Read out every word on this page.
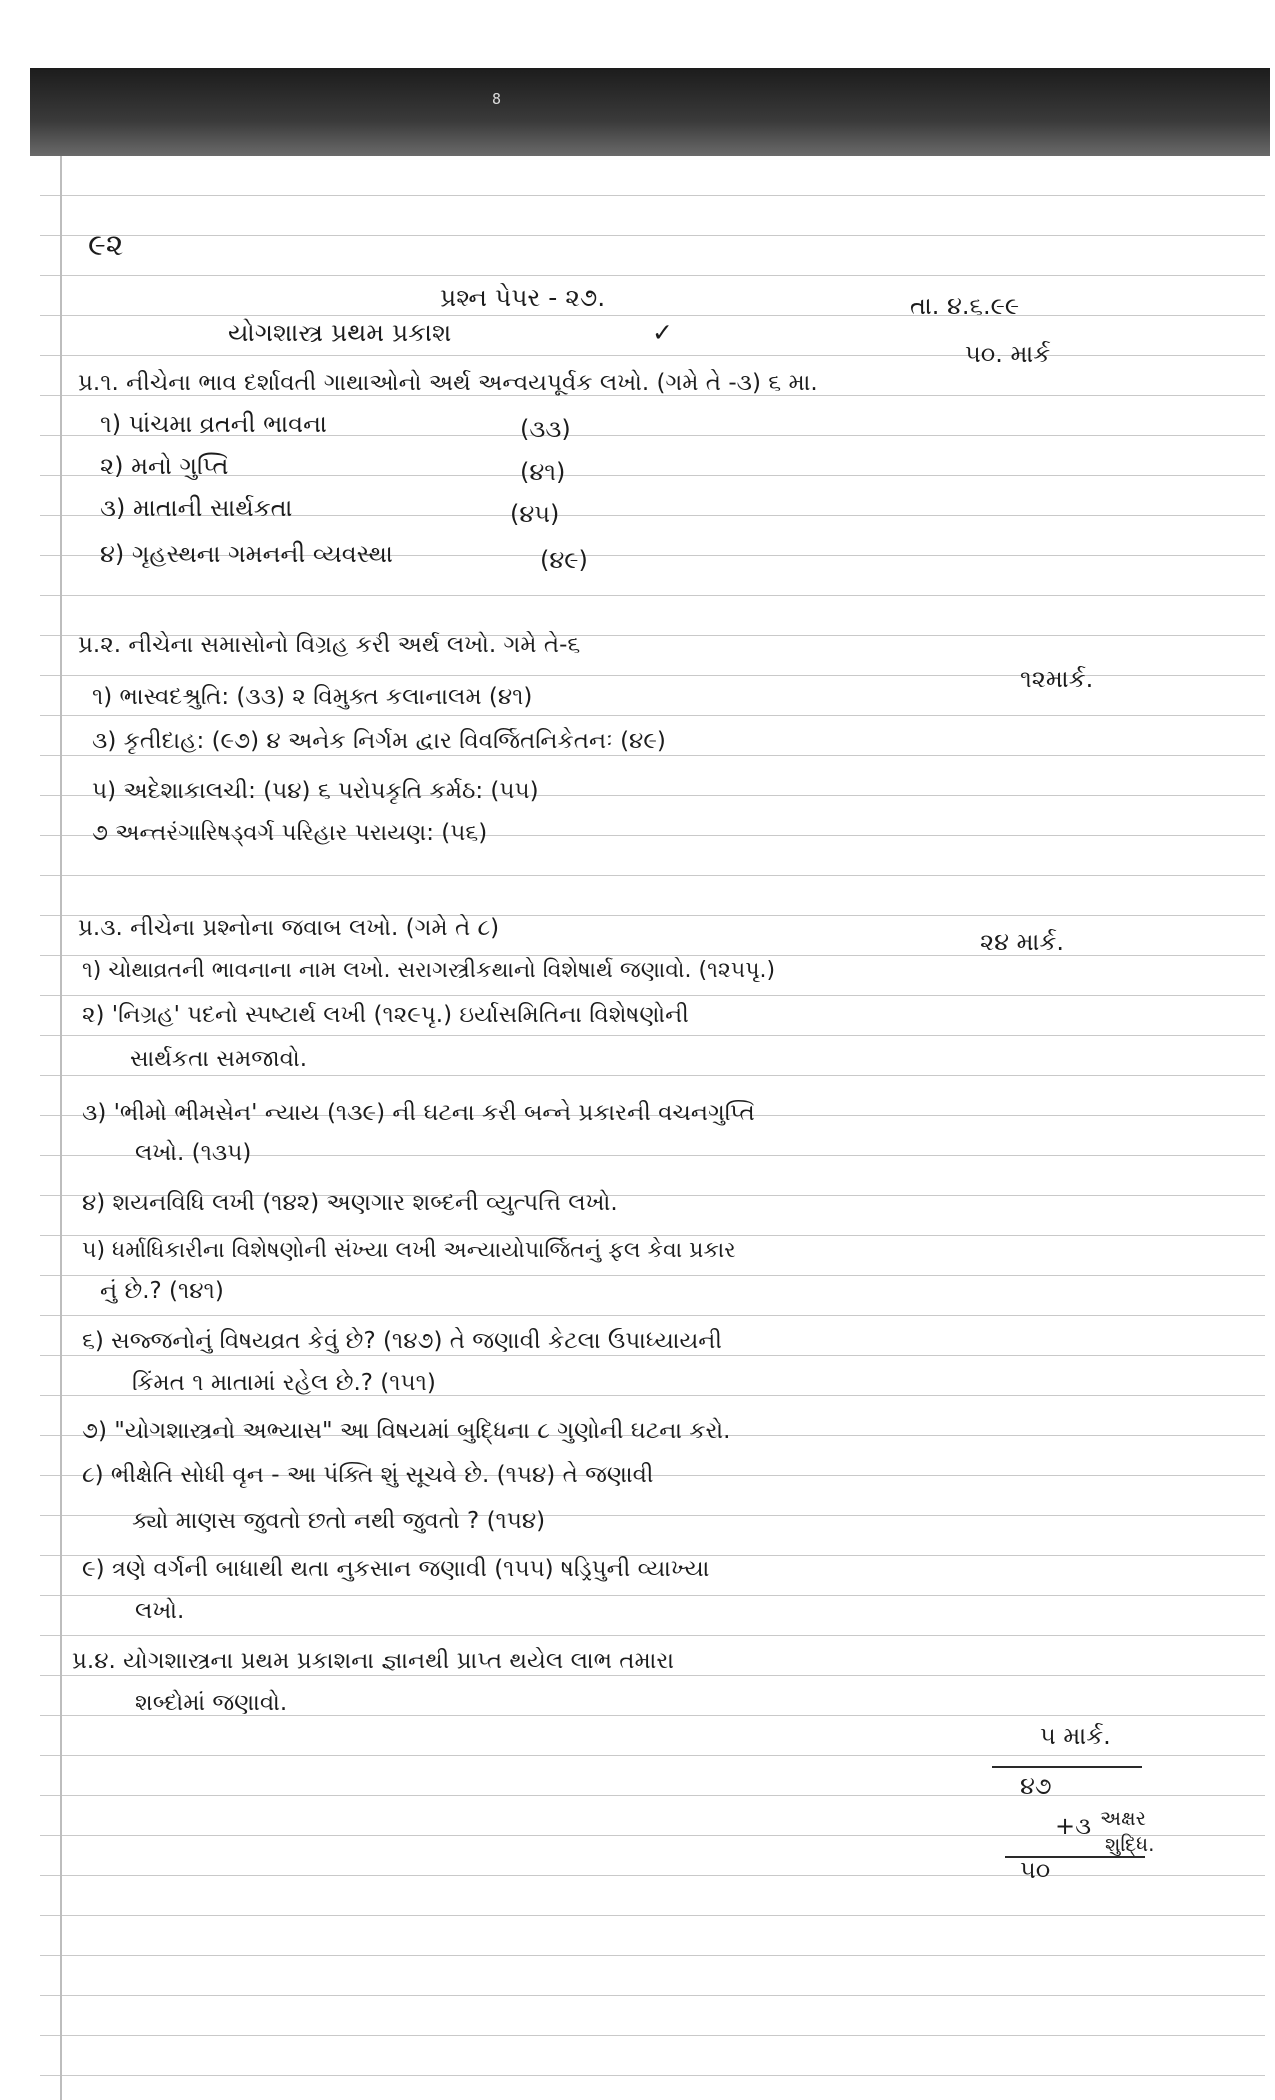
8
૯૨
પ્રશ્ન પેપર - ૨૭.
યોગશાસ્ત્ર પ્રથમ પ્રકાશ	✓
તા. ૪.૬.૯૯
૫૦. માર્ક
પ્ર.૧. નીચેના ભાવ દર્શાવતી ગાથાઓનો અર્થ અન્વયપૂર્વક લખો. (ગમે તે -૩) ૬ મા.
૧) પાંચમા વ્રતની ભાવના	(૩૩)
૨) મનો ગુપ્તિ	(૪૧)
૩) માતાની સાર્થકતા	(૪૫)
૪) ગૃહસ્થના ગમનની વ્યવસ્થા	(૪૯)
પ્ર.૨. નીચેના સમાસોનો વિગ્રહ કરી અર્થ લખો. ગમે તે-૬
૧૨માર્ક.
૧) ભાસ્વદશ્રુતિ: (૩૩) ૨ વિમુક્ત કલાનાલમ (૪૧)
૩) કૃતીદાહ: (૯૭) ૪ અનેક નિર્ગમ દ્વાર વિવર્જિતનિકેતનઃ (૪૯)
૫) અદેશાકાલચી: (૫૪) ૬ પરોપકૃતિ કર્મઠ: (૫૫)
૭ અન્તરંગારિષડ્વર્ગ પરિહાર પરાયણ: (૫૬)
પ્ર.૩. નીચેના પ્રશ્નોના જવાબ લખો. (ગમે તે ૮)	૨૪ માર્ક.
૧) ચોથાવ્રતની ભાવનાના નામ લખો. સરાગસ્ત્રીકથાનો વિશેષાર્થ જણાવો. (૧૨૫પૃ.)
૨) 'નિગ્રહ' પદનો સ્પષ્ટાર્થ લખી (૧૨૯પૃ.) ઇર્યાસમિતિના વિશેષણોની
સાર્થકતા સમજાવો.
૩) 'ભીમો ભીમસેન' ન્યાય (૧૩૯) ની ઘટના કરી બન્ને પ્રકારની વચનગુપ્તિ
લખો. (૧૩૫)
૪) શયનવિધિ લખી (૧૪૨) અણગાર શબ્દની વ્યુત્પત્તિ લખો.
૫) ધર્માધિકારીના વિશેષણોની સંખ્યા લખી અન્યાયોપાર્જિતનું ફલ કેવા પ્રકાર
નું છે.? (૧૪૧)
૬) સજ્જનોનું વિષયવ્રત કેવું છે? (૧૪૭) તે જણાવી કેટલા ઉપાધ્યાયની
કિંમત ૧ માતામાં રહેલ છે.? (૧૫૧)
૭) "યોગશાસ્ત્રનો અભ્યાસ" આ વિષયમાં બુદ્ધિના ૮ ગુણોની ઘટના કરો.
૮) ભીક્ષેતિ સોધી વૃન - આ પંક્તિ શું સૂચવે છે. (૧૫૪) તે જણાવી
ક્યો માણસ જુવતો છતો નથી જુવતો ? (૧૫૪)
૯) ત્રણે વર્ગની બાધાથી થતા નુકસાન જણાવી (૧૫૫) ષડ્રિપુની વ્યાખ્યા
લખો.
પ્ર.૪. યોગશાસ્ત્રના પ્રથમ પ્રકાશના જ્ઞાનથી પ્રાપ્ત થયેલ લાભ તમારા
શબ્દોમાં જણાવો.
૫ માર્ક.
૪૭
+૩ અક્ષર
શુદ્ધિ.
૫૦
